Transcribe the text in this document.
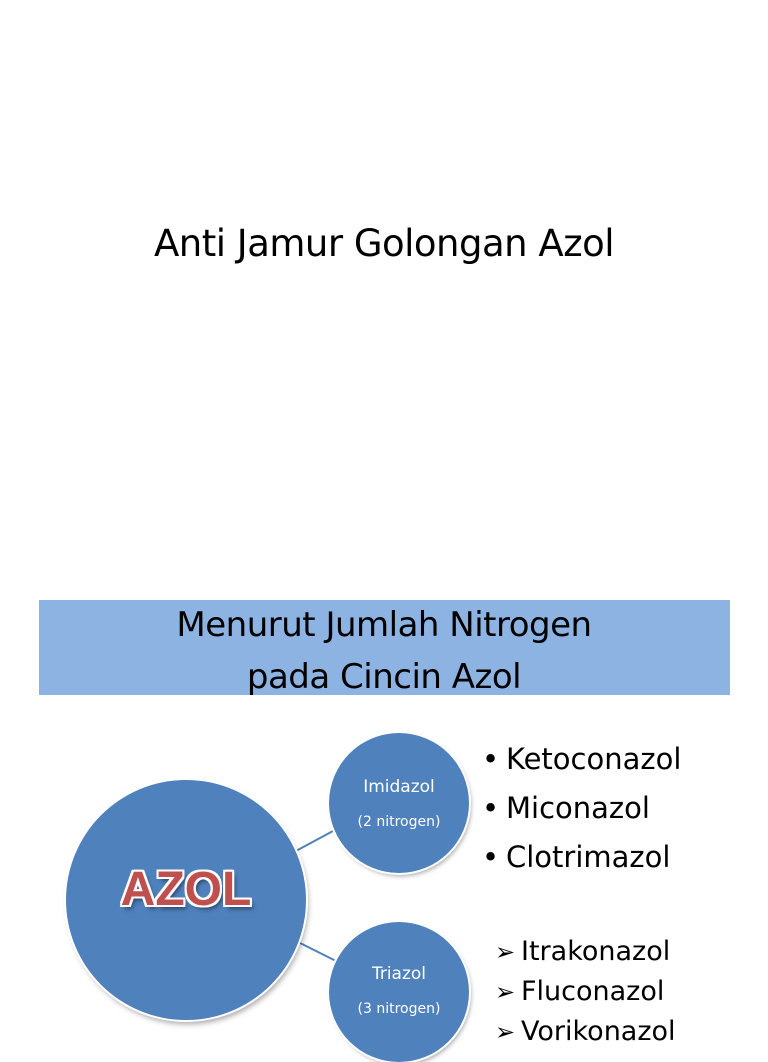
Anti Jamur Golongan Azol
Menurut Jumlah Nitrogen
pada Cincin Azol
AZOL
Imidazol
(2 nitrogen)
Triazol
(3 nitrogen)
• Ketoconazol
• Miconazol
• Clotrimazol
➢ Itrakonazol
➢ Fluconazol
➢ Vorikonazol
